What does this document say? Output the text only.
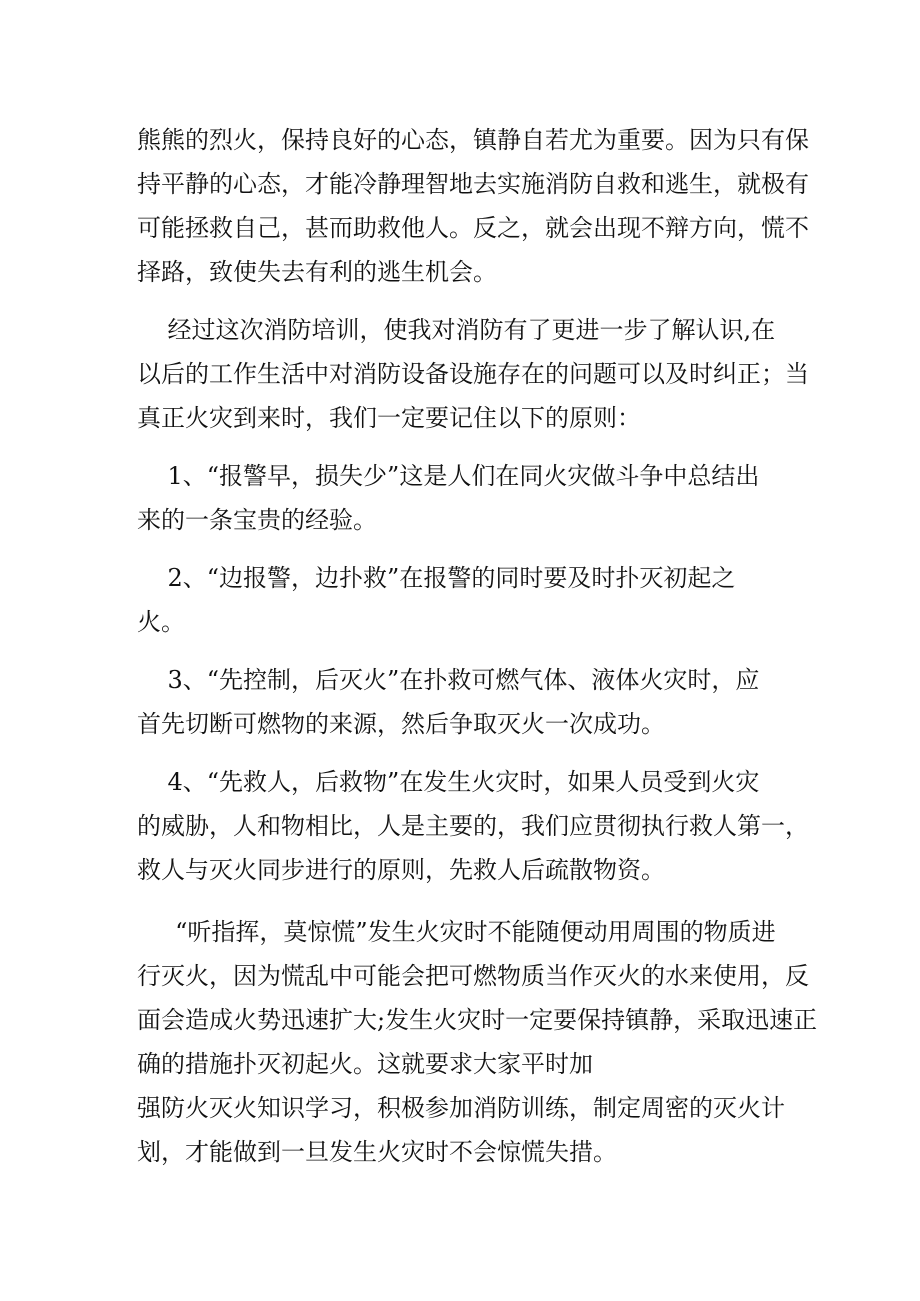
熊熊的烈火，保持良好的心态，镇静自若尤为重要。因为只有保
持平静的心态，才能冷静理智地去实施消防自救和逃生，就极有
可能拯救自己，甚而助救他人。反之，就会出现不辩方向，慌不
择路，致使失去有利的逃生机会。
经过这次消防培训，使我对消防有了更进一步了解认识,在
以后的工作生活中对消防设备设施存在的问题可以及时纠正；当
真正火灾到来时，我们一定要记住以下的原则：
1、“报警早，损失少”这是人们在同火灾做斗争中总结出
来的一条宝贵的经验。
2、“边报警，边扑救”在报警的同时要及时扑灭初起之
火。
3、“先控制，后灭火”在扑救可燃气体、液体火灾时，应
首先切断可燃物的来源，然后争取灭火一次成功。
4、“先救人，后救物”在发生火灾时，如果人员受到火灾
的威胁，人和物相比，人是主要的，我们应贯彻执行救人第一，
救人与灭火同步进行的原则，先救人后疏散物资。
“听指挥，莫惊慌”发生火灾时不能随便动用周围的物质进
行灭火，因为慌乱中可能会把可燃物质当作灭火的水来使用，反
面会造成火势迅速扩大;发生火灾时一定要保持镇静，采取迅速正
确的措施扑灭初起火。这就要求大家平时加
强防火灭火知识学习，积极参加消防训练，制定周密的灭火计
划，才能做到一旦发生火灾时不会惊慌失措。
